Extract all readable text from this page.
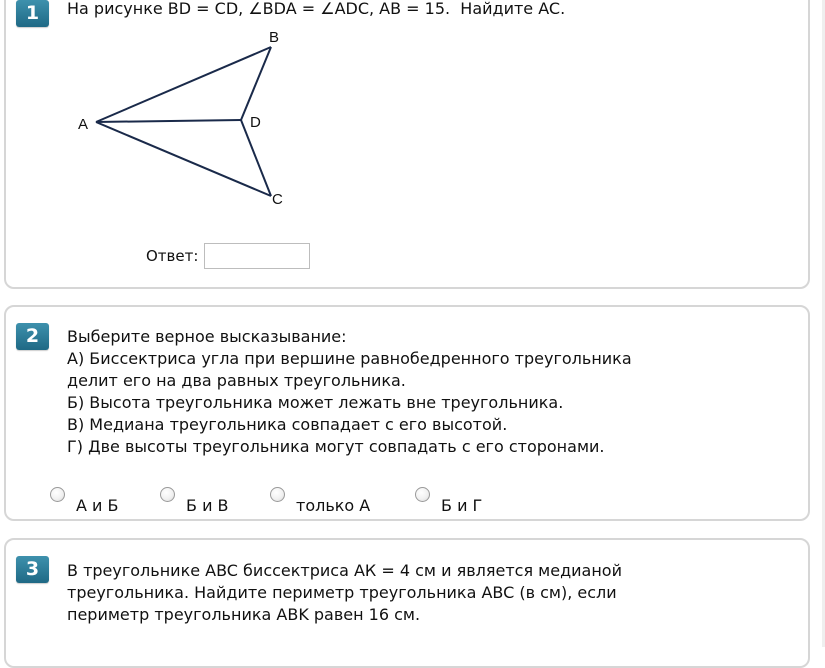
1	На рисунке BD = CD, ∠BDA = ∠ADC, AB = 15.  Найдите AC.
A
B
C
D
Ответ:
2	Выберите верное высказывание:
А) Биссектриса угла при вершине равнобедренного треугольника
делит его на два равных треугольника.
Б) Высота треугольника может лежать вне треугольника.
В) Медиана треугольника совпадает с его высотой.
Г) Две высоты треугольника могут совпадать с его сторонами.
А и Б	Б и В	только А	Б и Г
3	В треугольнике ABC биссектриса АК = 4 см и является медианой
треугольника. Найдите периметр треугольника ABC (в см), если
периметр треугольника ABK равен 16 см.
